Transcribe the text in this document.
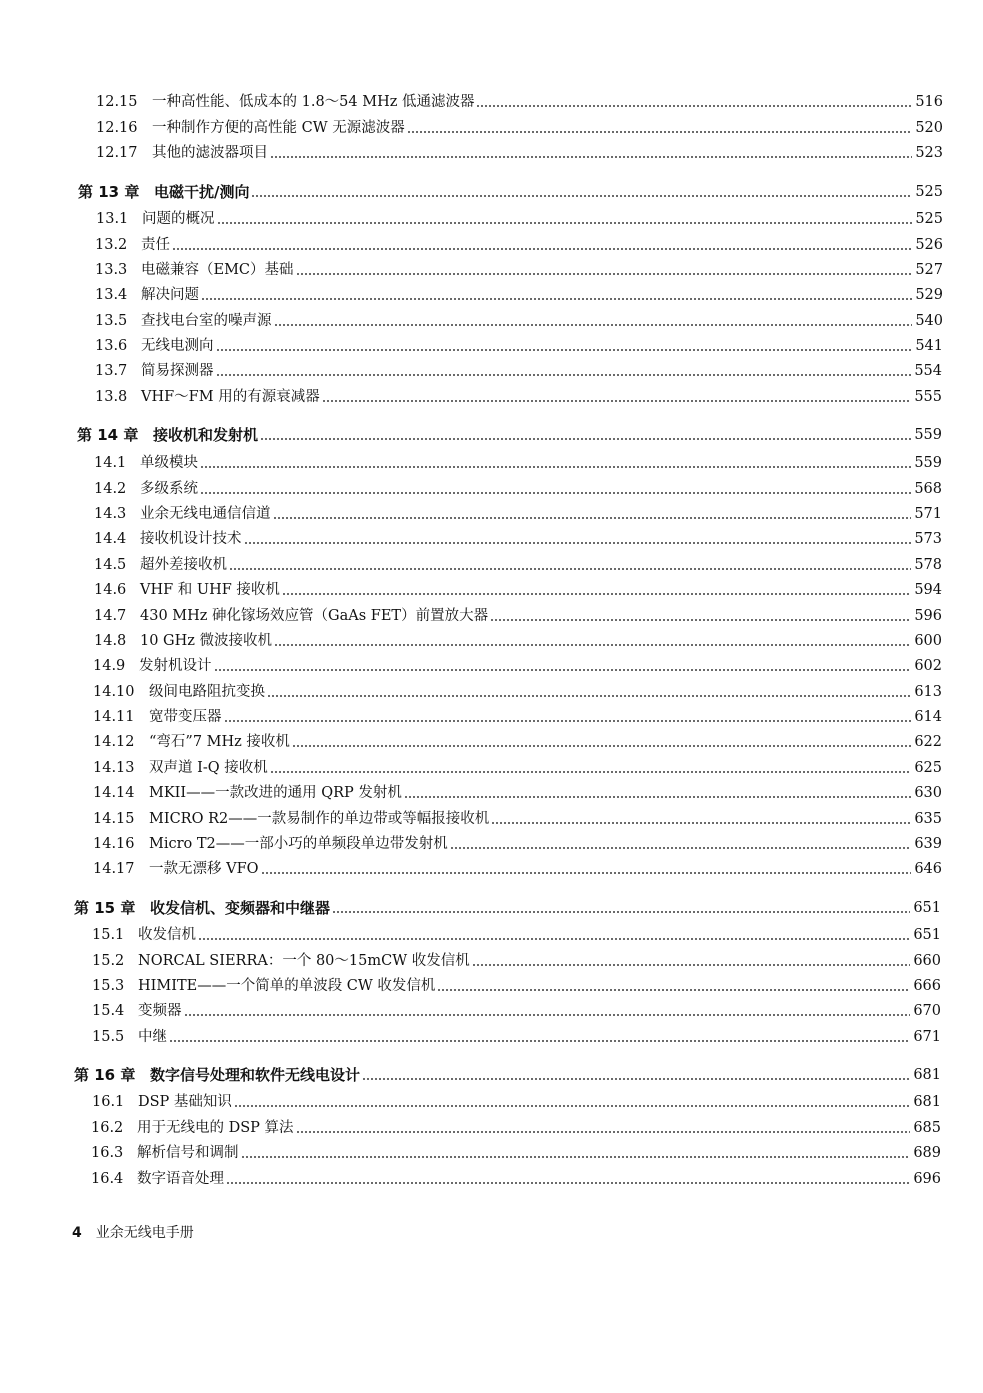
12.15 一种高性能、低成本的 1.8～54 MHz 低通滤波器	516
12.16 一种制作方便的高性能 CW 无源滤波器	520
12.17 其他的滤波器项目	523
第 13 章 电磁干扰/测向	525
13.1 问题的概况	525
13.2 责任	526
13.3 电磁兼容（EMC）基础	527
13.4 解决问题	529
13.5 查找电台室的噪声源	540
13.6 无线电测向	541
13.7 简易探测器	554
13.8 VHF～FM 用的有源衰减器	555
第 14 章 接收机和发射机	559
14.1 单级模块	559
14.2 多级系统	568
14.3 业余无线电通信信道	571
14.4 接收机设计技术	573
14.5 超外差接收机	578
14.6 VHF 和 UHF 接收机	594
14.7 430 MHz 砷化镓场效应管（GaAs FET）前置放大器	596
14.8 10 GHz 微波接收机	600
14.9 发射机设计	602
14.10 级间电路阻抗变换	613
14.11 宽带变压器	614
14.12 “弯石”7 MHz 接收机	622
14.13 双声道 I-Q 接收机	625
14.14 MKII——一款改进的通用 QRP 发射机	630
14.15 MICRO R2——一款易制作的单边带或等幅报接收机	635
14.16 Micro T2——一部小巧的单频段单边带发射机	639
14.17 一款无漂移 VFO	646
第 15 章 收发信机、变频器和中继器	651
15.1 收发信机	651
15.2 NORCAL SIERRA：一个 80～15mCW 收发信机	660
15.3 HIMITE——一个简单的单波段 CW 收发信机	666
15.4 变频器	670
15.5 中继	671
第 16 章 数字信号处理和软件无线电设计	681
16.1 DSP 基础知识	681
16.2 用于无线电的 DSP 算法	685
16.3 解析信号和调制	689
16.4 数字语音处理	696
4 业余无线电手册
